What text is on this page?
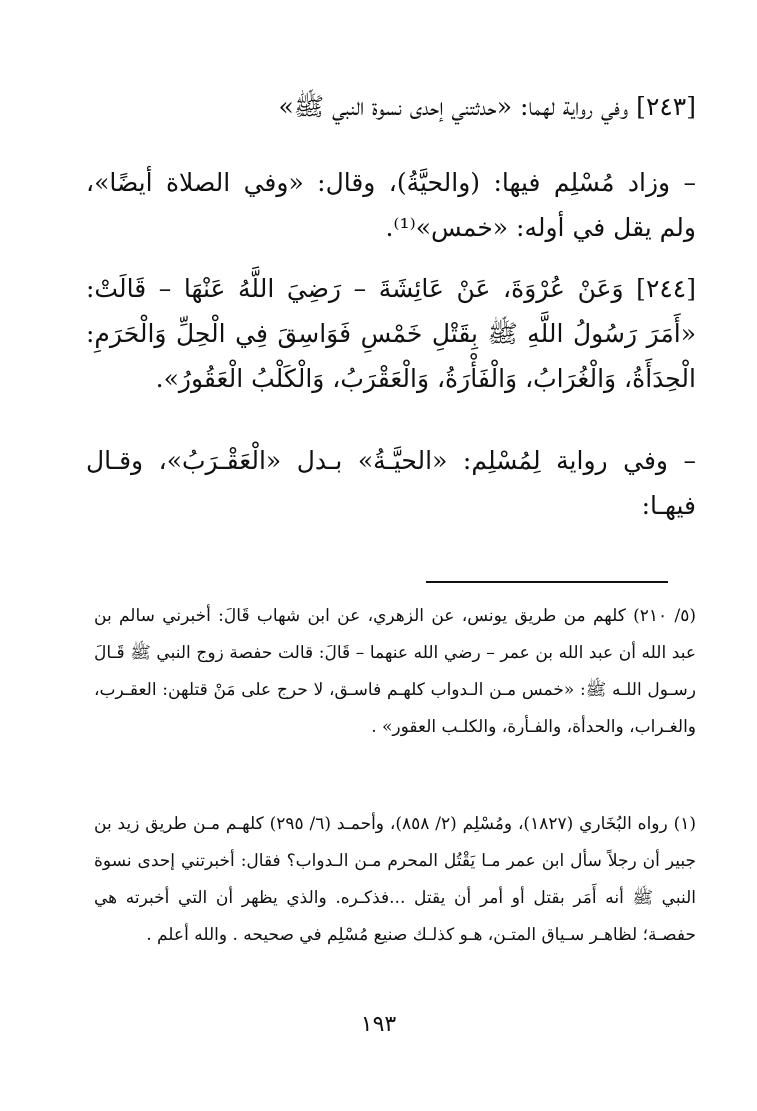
[٢٤٣] وفي رواية لهما: «حدثتني إحدى نسوة النبي ﷺ»

– وزاد مُسْلِم فيها: (والحيَّةُ)، وقال: «وفي الصلاة أيضًا»، ولم يقل في أوله: «خمس»⁽¹⁾.

[٢٤٤] وَعَنْ عُرْوَةَ، عَنْ عَائِشَةَ – رَضِيَ اللَّهُ عَنْهَا – قَالَتْ: «أَمَرَ رَسُولُ اللَّهِ ﷺ بِقَتْلِ خَمْسِ فَوَاسِقَ فِي الْحِلِّ وَالْحَرَمِ: الْحِدَأَةُ، وَالْغُرَابُ، وَالْفَأْرَةُ، وَالْعَقْرَبُ، وَالْكَلْبُ الْعَقُورُ».

– وفي رواية لِمُسْلِم: «الحيَّـةُ» بـدل «الْعَقْـرَبُ»، وقـال فيهـا:

(٥/ ٢١٠) كلهم من طريق يونس، عن الزهري، عن ابن شهاب قَالَ: أخبرني سالم بن عبد الله أن عبد الله بن عمر – رضي الله عنهما – قَالَ: قالت حفصة زوج النبي ﷺ قَـالَ رسـول اللـه ﷺ: «خمس مـن الـدواب كلهـم فاسـق، لا حرج على مَنْ قتلهن: العقـرب، والغـراب، والحدأة، والفـأرة، والكلـب العقور» .

(١) رواه البُخَاري (١٨٢٧)، ومُسْلِم (٢/ ٨٥٨)، وأحمـد (٦/ ٢٩٥) كلهـم مـن طريق زيد بن جبير أن رجلاً سأل ابن عمر مـا يَقْتُل المحرم مـن الـدواب؟ فقال: أخبرتني إحدى نسوة النبي ﷺ أنه أَمَر بقتل أو أمر أن يقتل ...فذكـره. والذي يظهر أن التي أخبرته هي حفصـة؛ لظاهـر سـياق المتـن، هـو كذلـك صنيع مُسْلِم في صحيحه . والله أعلم .

١٩٣
